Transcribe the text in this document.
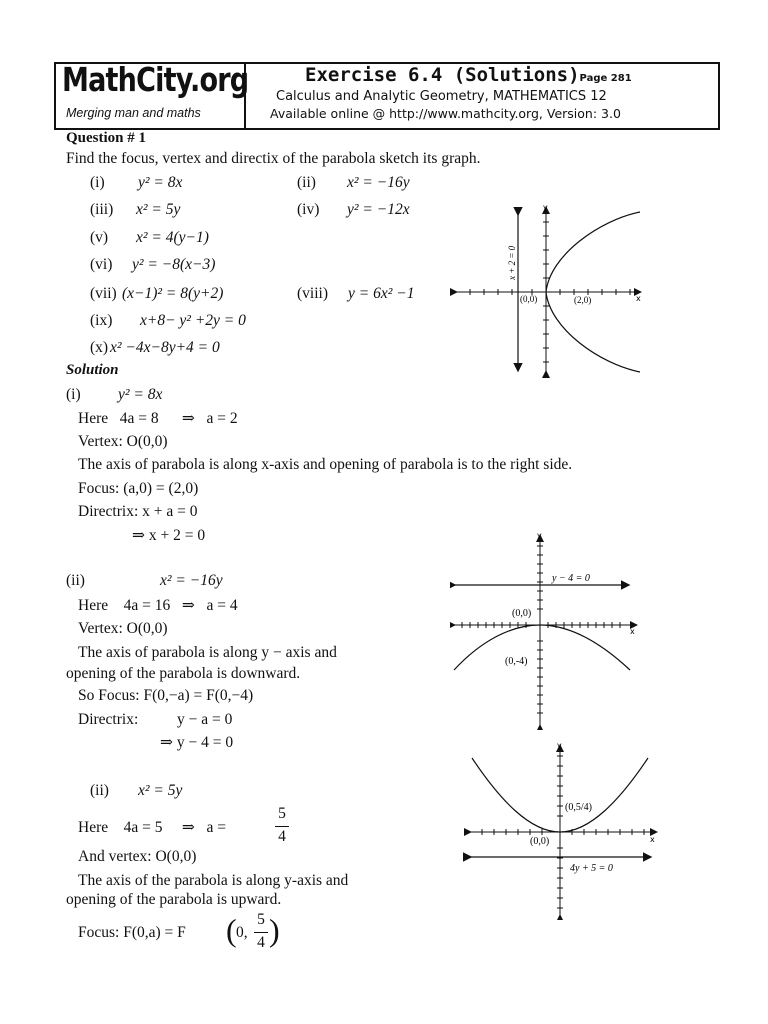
MathCity.org
Merging man and maths
Exercise 6.4 (Solutions)Page 281
Calculus and Analytic Geometry, MATHEMATICS 12
Available online @ http://www.mathcity.org, Version: 3.0
Question # 1
Find the focus, vertex and directix of the parabola sketch its graph.
(i) y² = 8x	(ii) x² = −16y
(iii) x² = 5y	(iv) y² = −12x
(v) x² = 4(y−1)
(vi) y² = −8(x−3)
(vii) (x−1)² = 8(y+2)	(viii) y = 6x² −1
(ix) x+8− y² +2y = 0
(x) x² −4x−8y+4 = 0
Solution
(i) y² = 8x
Here   4a = 8      ⇒   a = 2
Vertex: O(0,0)
The axis of parabola is along x-axis and opening of parabola is to the right side.
Focus: (a,0) = (2,0)
Directrix: x + a = 0
⇒ x + 2 = 0
(ii)	x² = −16y
Here    4a = 16   ⇒   a = 4
Vertex: O(0,0)
The axis of parabola is along y − axis and
opening of the parabola is downward.
So Focus: F(0,−a) = F(0,−4)
Directrix:          y − a = 0
⇒ y − 4 = 0
(ii) x² = 5y
Here    4a = 5     ⇒   a =
5
4
And vertex: O(0,0)
The axis of the parabola is along y-axis and
opening of the parabola is upward.
Focus: F(0,a) = F ( 0,
5
4 )
x + 2 = 0
(0,0)	(2,0)	x
y
y − 4 = 0
(0,0)
(0,-4)
x
y
(0,5/4)
(0,0)
4y + 5 = 0
x
y
